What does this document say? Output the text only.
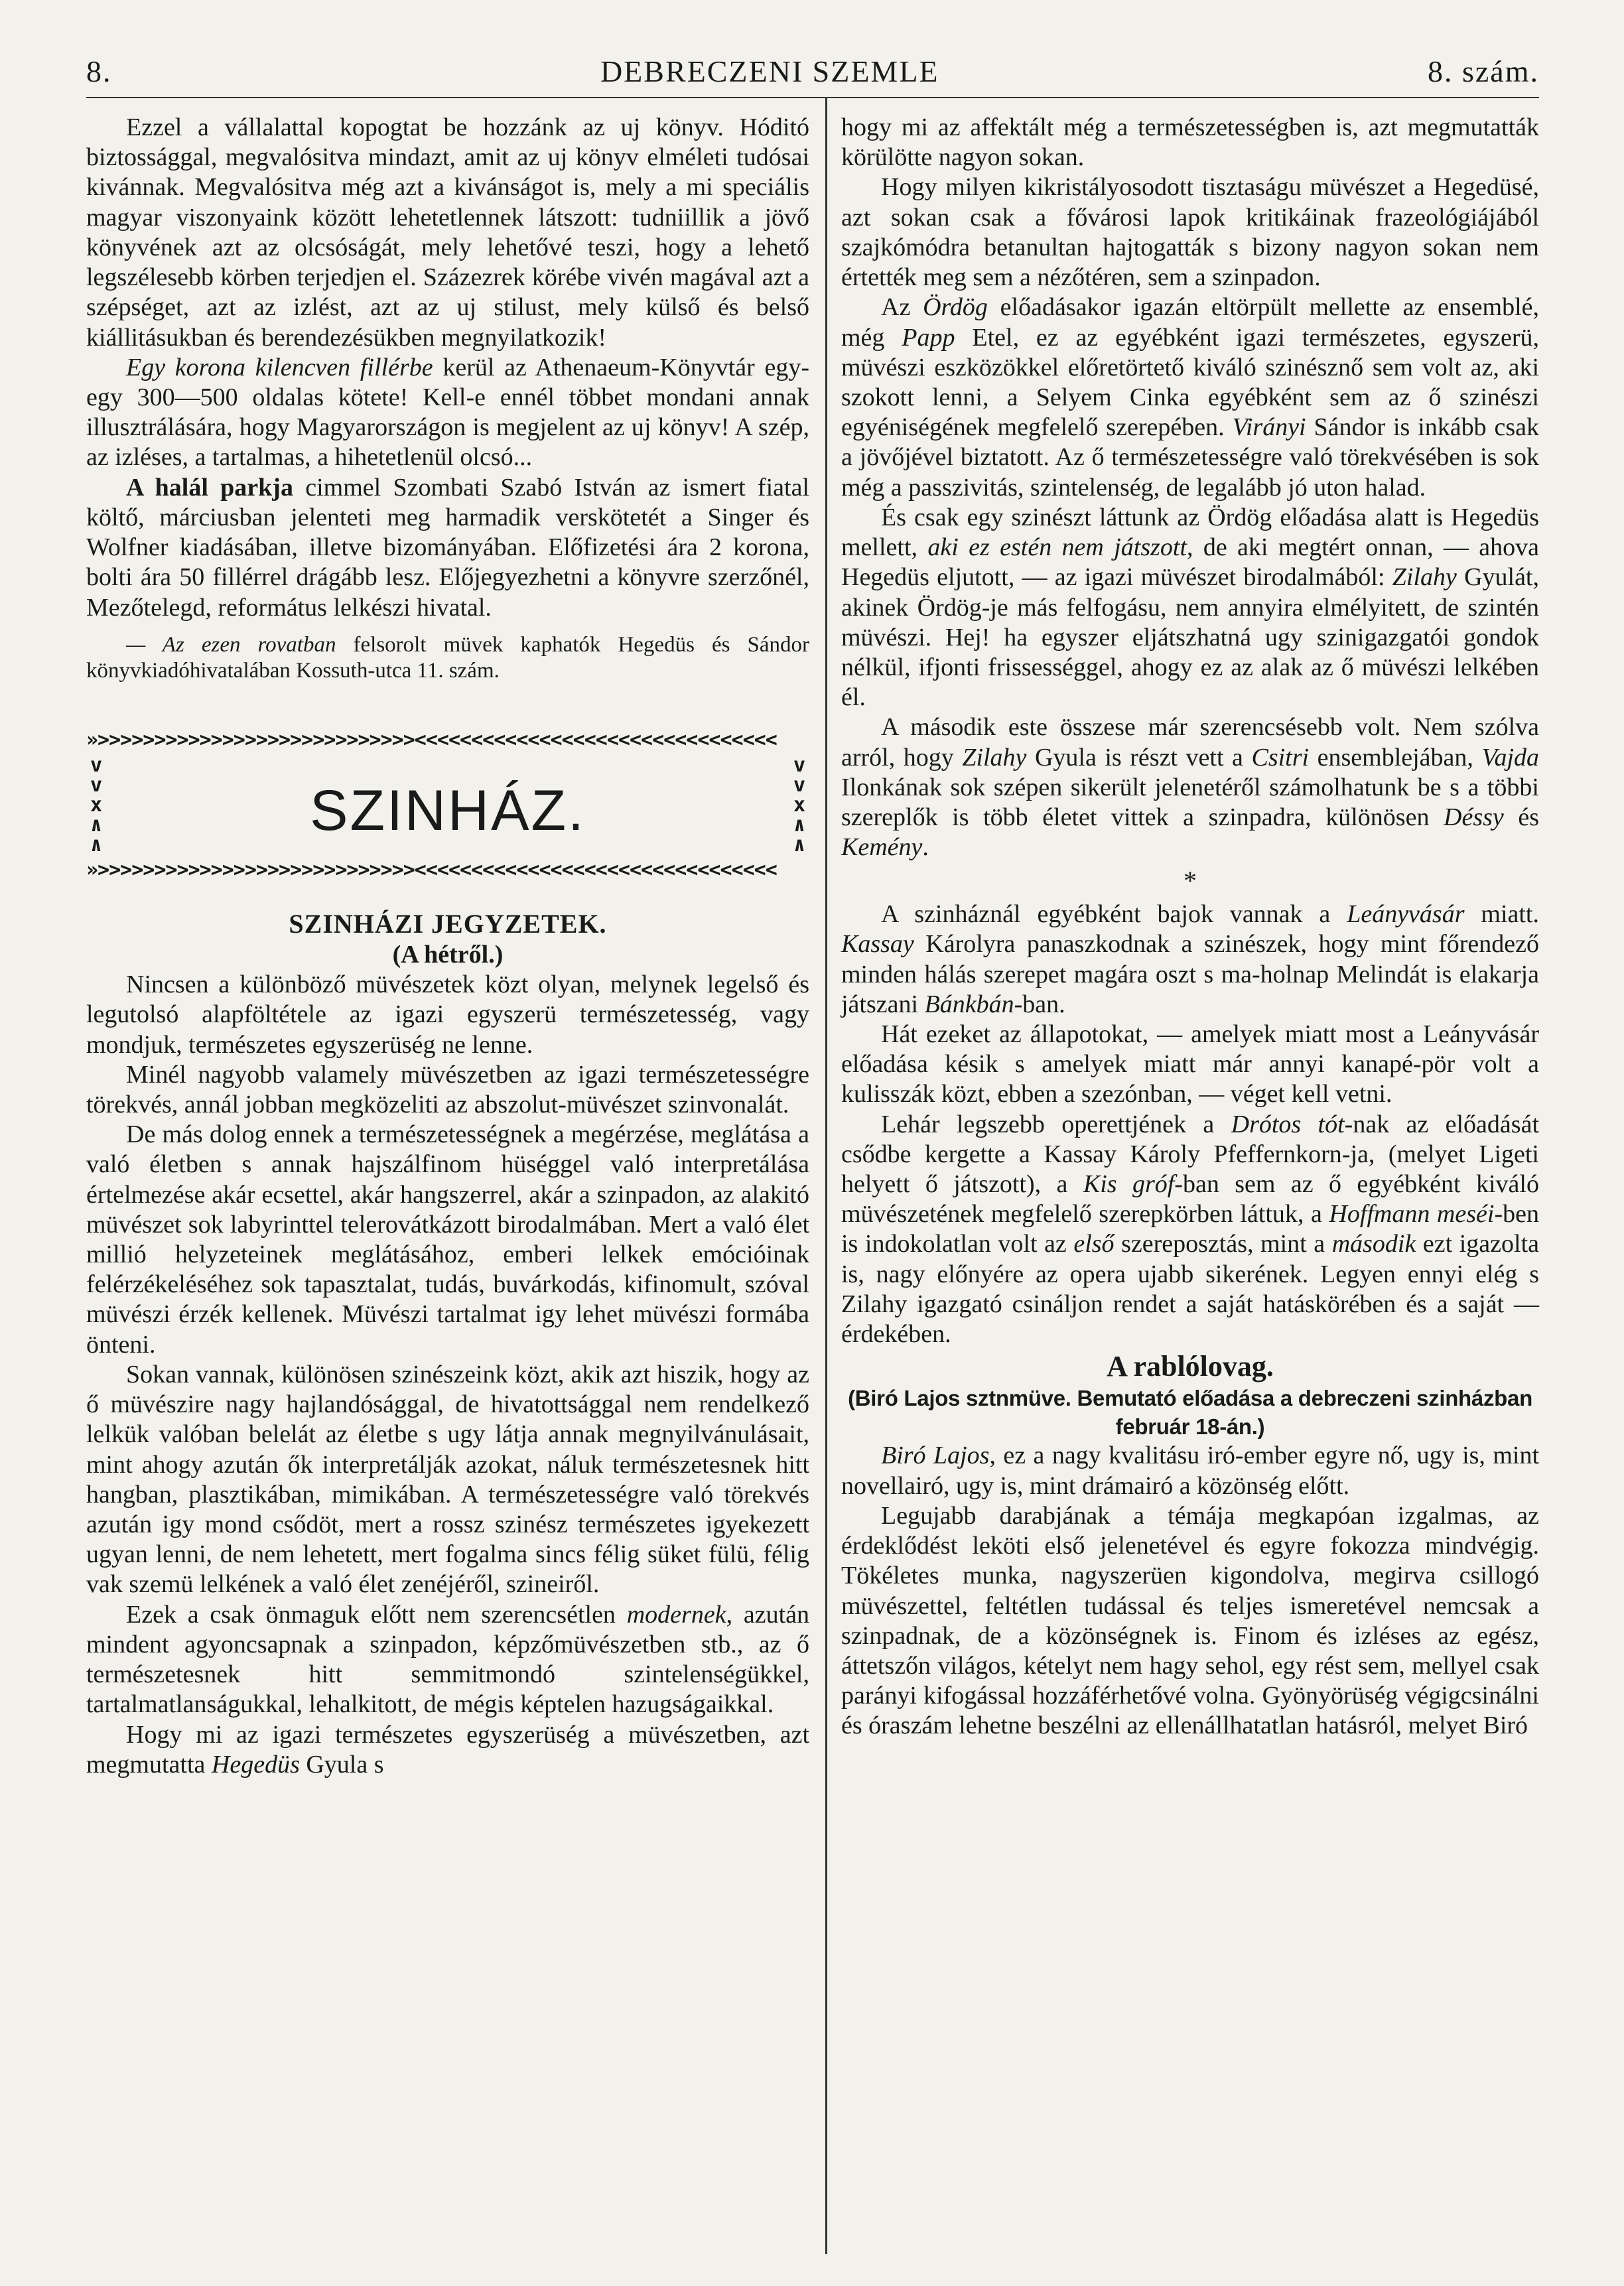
8.	DEBRECZENI SZEMLE	8. szám.

Ezzel a vállalattal kopogtat be hozzánk az uj könyv. Hóditó biztossággal, megvalósitva mindazt, amit az uj könyv elméleti tudósai kivánnak. Megvalósitva még azt a kivánságot is, mely a mi speciális magyar viszonyaink között lehetetlennek látszott: tudniillik a jövő könyvének azt az olcsóságát, mely lehetővé teszi, hogy a lehető legszélesebb körben terjedjen el. Százezrek körébe vivén magával azt a szépséget, azt az izlést, azt az uj stilust, mely külső és belső kiállitásukban és berendezésükben megnyilatkozik!

Egy korona kilencven fillérbe kerül az Athenaeum-Könyvtár egy-egy 300—500 oldalas kötete! Kell-e ennél többet mondani annak illusztrálására, hogy Magyarországon is megjelent az uj könyv! A szép, az izléses, a tartalmas, a hihetetlenül olcsó...

A halál parkja cimmel Szombati Szabó István az ismert fiatal költő, márciusban jelenteti meg harmadik verskötetét a Singer és Wolfner kiadásában, illetve bizományában. Előfizetési ára 2 korona, bolti ára 50 fillérrel drágább lesz. Előjegyezhetni a könyvre szerzőnél, Mezőtelegd, református lelkészi hivatal.

— Az ezen rovatban felsorolt müvek kaphatók Hegedüs és Sándor könyvkiadóhivatalában Kossuth-utca 11. szám.

»>>>>>>>>>>>>>>>>>>>>>>>>>>>><<<<<<<<<<<<<<<<<<<<<<<<<<<<<<<<
v
v
x
∧
∧
SZINHÁZ.
v
v
x
∧
∧
»>>>>>>>>>>>>>>>>>>>>>>>>>>>><<<<<<<<<<<<<<<<<<<<<<<<<<<<<<<<

SZINHÁZI JEGYZETEK.

(A hétről.)

Nincsen a különböző müvészetek közt olyan, melynek legelső és legutolsó alapföltétele az igazi egyszerü természetesség, vagy mondjuk, természetes egyszerüség ne lenne.

Minél nagyobb valamely müvészetben az igazi természetességre törekvés, annál jobban megközeliti az abszolut-müvészet szinvonalát.

De más dolog ennek a természetességnek a megérzése, meglátása a való életben s annak hajszálfinom hüséggel való interpretálása értelmezése akár ecsettel, akár hangszerrel, akár a szinpadon, az alakitó müvészet sok labyrinttel telerovátkázott birodalmában. Mert a való élet millió helyzeteinek meglátásához, emberi lelkek emócióinak felérzékeléséhez sok tapasztalat, tudás, buvárkodás, kifinomult, szóval müvészi érzék kellenek. Müvészi tartalmat igy lehet müvészi formába önteni.

Sokan vannak, különösen szinészeink közt, akik azt hiszik, hogy az ő müvészire nagy hajlandósággal, de hivatottsággal nem rendelkező lelkük valóban belelát az életbe s ugy látja annak megnyilvánulásait, mint ahogy azután ők interpretálják azokat, náluk természetesnek hitt hangban, plasztikában, mimikában. A természetességre való törekvés azután igy mond csődöt, mert a rossz szinész természetes igyekezett ugyan lenni, de nem lehetett, mert fogalma sincs félig süket fülü, félig vak szemü lelkének a való élet zenéjéről, szineiről.

Ezek a csak önmaguk előtt nem szerencsétlen modernek, azután mindent agyoncsapnak a szinpadon, képzőmüvészetben stb., az ő természetesnek hitt semmitmondó szintelenségükkel, tartalmatlanságukkal, lehalkitott, de mégis képtelen hazugságaikkal.

Hogy mi az igazi természetes egyszerüség a müvészetben, azt megmutatta Hegedüs Gyula s

hogy mi az affektált még a természetességben is, azt megmutatták körülötte nagyon sokan.

Hogy milyen kikristályosodott tisztaságu müvészet a Hegedüsé, azt sokan csak a fővárosi lapok kritikáinak frazeológiájából szajkómódra betanultan hajtogatták s bizony nagyon sokan nem értették meg sem a nézőtéren, sem a szinpadon.

Az Ördög előadásakor igazán eltörpült mellette az ensemblé, még Papp Etel, ez az egyébként igazi természetes, egyszerü, müvészi eszközökkel előretörtető kiváló szinésznő sem volt az, aki szokott lenni, a Selyem Cinka egyébként sem az ő szinészi egyéniségének megfelelő szerepében. Virányi Sándor is inkább csak a jövőjével biztatott. Az ő természetességre való törekvésében is sok még a passzivitás, szintelenség, de legalább jó uton halad.

És csak egy szinészt láttunk az Ördög előadása alatt is Hegedüs mellett, aki ez estén nem játszott, de aki megtért onnan, — ahova Hegedüs eljutott, — az igazi müvészet birodalmából: Zilahy Gyulát, akinek Ördög-je más felfogásu, nem annyira elmélyitett, de szintén müvészi. Hej! ha egyszer eljátszhatná ugy szinigazgatói gondok nélkül, ifjonti frissességgel, ahogy ez az alak az ő müvészi lelkében él.

A második este összese már szerencsésebb volt. Nem szólva arról, hogy Zilahy Gyula is részt vett a Csitri ensemblejában, Vajda Ilonkának sok szépen sikerült jelenetéről számolhatunk be s a többi szereplők is több életet vittek a szinpadra, különösen Déssy és Kemény.

*

A szinháznál egyébként bajok vannak a Leányvásár miatt. Kassay Károlyra panaszkodnak a szinészek, hogy mint főrendező minden hálás szerepet magára oszt s ma-holnap Melindát is elakarja játszani Bánkbán-ban.

Hát ezeket az állapotokat, — amelyek miatt most a Leányvásár előadása késik s amelyek miatt már annyi kanapé-pör volt a kulisszák közt, ebben a szezónban, — véget kell vetni.

Lehár legszebb operettjének a Drótos tót-nak az előadását csődbe kergette a Kassay Károly Pfeffernkorn-ja, (melyet Ligeti helyett ő játszott), a Kis gróf-ban sem az ő egyébként kiváló müvészetének megfelelő szerepkörben láttuk, a Hoffmann meséi-ben is indokolatlan volt az első szereposztás, mint a második ezt igazolta is, nagy előnyére az opera ujabb sikerének. Legyen ennyi elég s Zilahy igazgató csináljon rendet a saját hatáskörében és a saját — érdekében.

A rablólovag.

(Biró Lajos sztnmüve. Bemutató előadása a debreczeni szinházban február 18-án.)

Biró Lajos, ez a nagy kvalitásu iró-ember egyre nő, ugy is, mint novellairó, ugy is, mint drámairó a közönség előtt.

Legujabb darabjának a témája megkapóan izgalmas, az érdeklődést leköti első jelenetével és egyre fokozza mindvégig. Tökéletes munka, nagyszerüen kigondolva, megirva csillogó müvészettel, feltétlen tudással és teljes ismeretével nemcsak a szinpadnak, de a közönségnek is. Finom és izléses az egész, áttetszőn világos, kételyt nem hagy sehol, egy rést sem, mellyel csak parányi kifogással hozzáférhetővé volna. Gyönyörüség végigcsinálni és óraszám lehetne beszélni az ellenállhatatlan hatásról, melyet Biró
